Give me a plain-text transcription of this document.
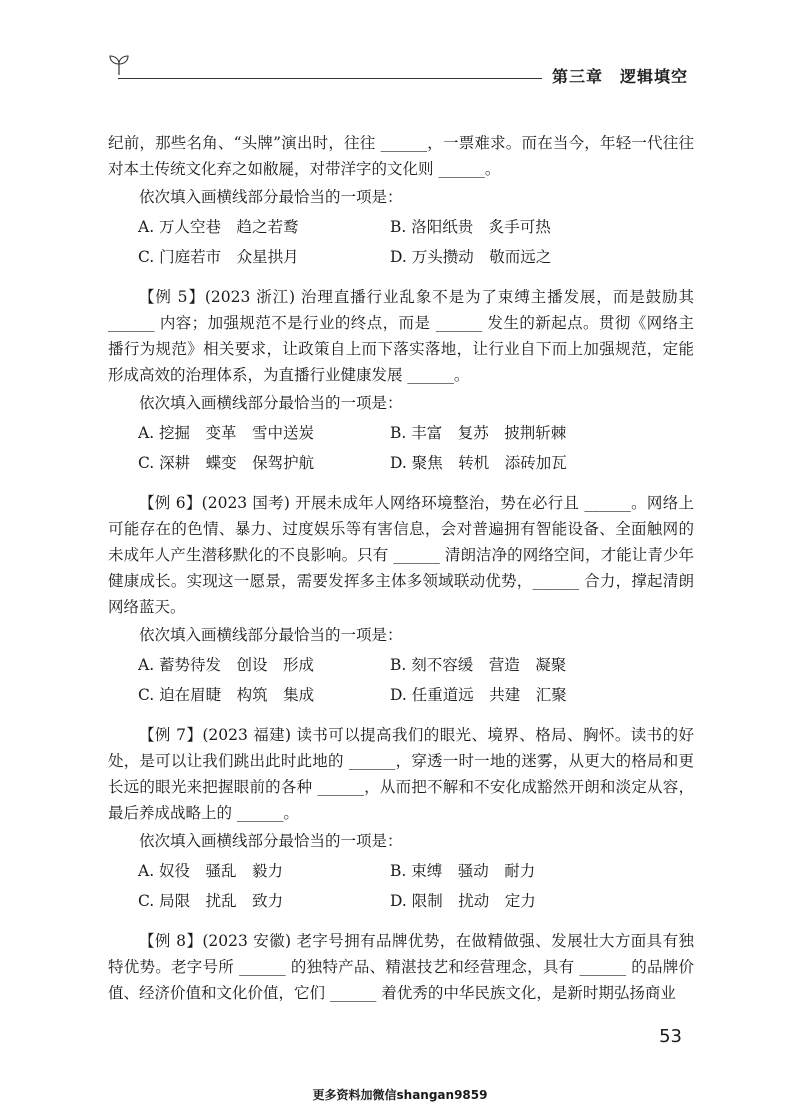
第三章　逻辑填空

纪前，那些名角、“头牌”演出时，往往 ______，一票难求。而在当今，年轻一代往往对本土传统文化弃之如敝屣，对带洋字的文化则 ______。

依次填入画横线部分最恰当的一项是：

A. 万人空巷　趋之若鹜	B. 洛阳纸贵　炙手可热
C. 门庭若市　众星拱月	D. 万头攒动　敬而远之

【例 5】(2023 浙江) 治理直播行业乱象不是为了束缚主播发展，而是鼓励其 ______ 内容；加强规范不是行业的终点，而是 ______ 发生的新起点。贯彻《网络主播行为规范》相关要求，让政策自上而下落实落地，让行业自下而上加强规范，定能形成高效的治理体系，为直播行业健康发展 ______。

依次填入画横线部分最恰当的一项是：

A. 挖掘　变革　雪中送炭	B. 丰富　复苏　披荆斩棘
C. 深耕　蝶变　保驾护航	D. 聚焦　转机　添砖加瓦

【例 6】(2023 国考) 开展未成年人网络环境整治，势在必行且 ______。网络上可能存在的色情、暴力、过度娱乐等有害信息，会对普遍拥有智能设备、全面触网的未成年人产生潜移默化的不良影响。只有 ______ 清朗洁净的网络空间，才能让青少年健康成长。实现这一愿景，需要发挥多主体多领域联动优势，______ 合力，撑起清朗网络蓝天。

依次填入画横线部分最恰当的一项是：

A. 蓄势待发　创设　形成	B. 刻不容缓　营造　凝聚
C. 迫在眉睫　构筑　集成	D. 任重道远　共建　汇聚

【例 7】(2023 福建) 读书可以提高我们的眼光、境界、格局、胸怀。读书的好处，是可以让我们跳出此时此地的 ______，穿透一时一地的迷雾，从更大的格局和更长远的眼光来把握眼前的各种 ______，从而把不解和不安化成豁然开朗和淡定从容，最后养成战略上的 ______。

依次填入画横线部分最恰当的一项是：

A. 奴役　骚乱　毅力	B. 束缚　骚动　耐力
C. 局限　扰乱　致力	D. 限制　扰动　定力

【例 8】(2023 安徽) 老字号拥有品牌优势，在做精做强、发展壮大方面具有独特优势。老字号所 ______ 的独特产品、精湛技艺和经营理念，具有 ______ 的品牌价值、经济价值和文化价值，它们 ______ 着优秀的中华民族文化，是新时期弘扬商业

53
更多资料加微信shangan9859
